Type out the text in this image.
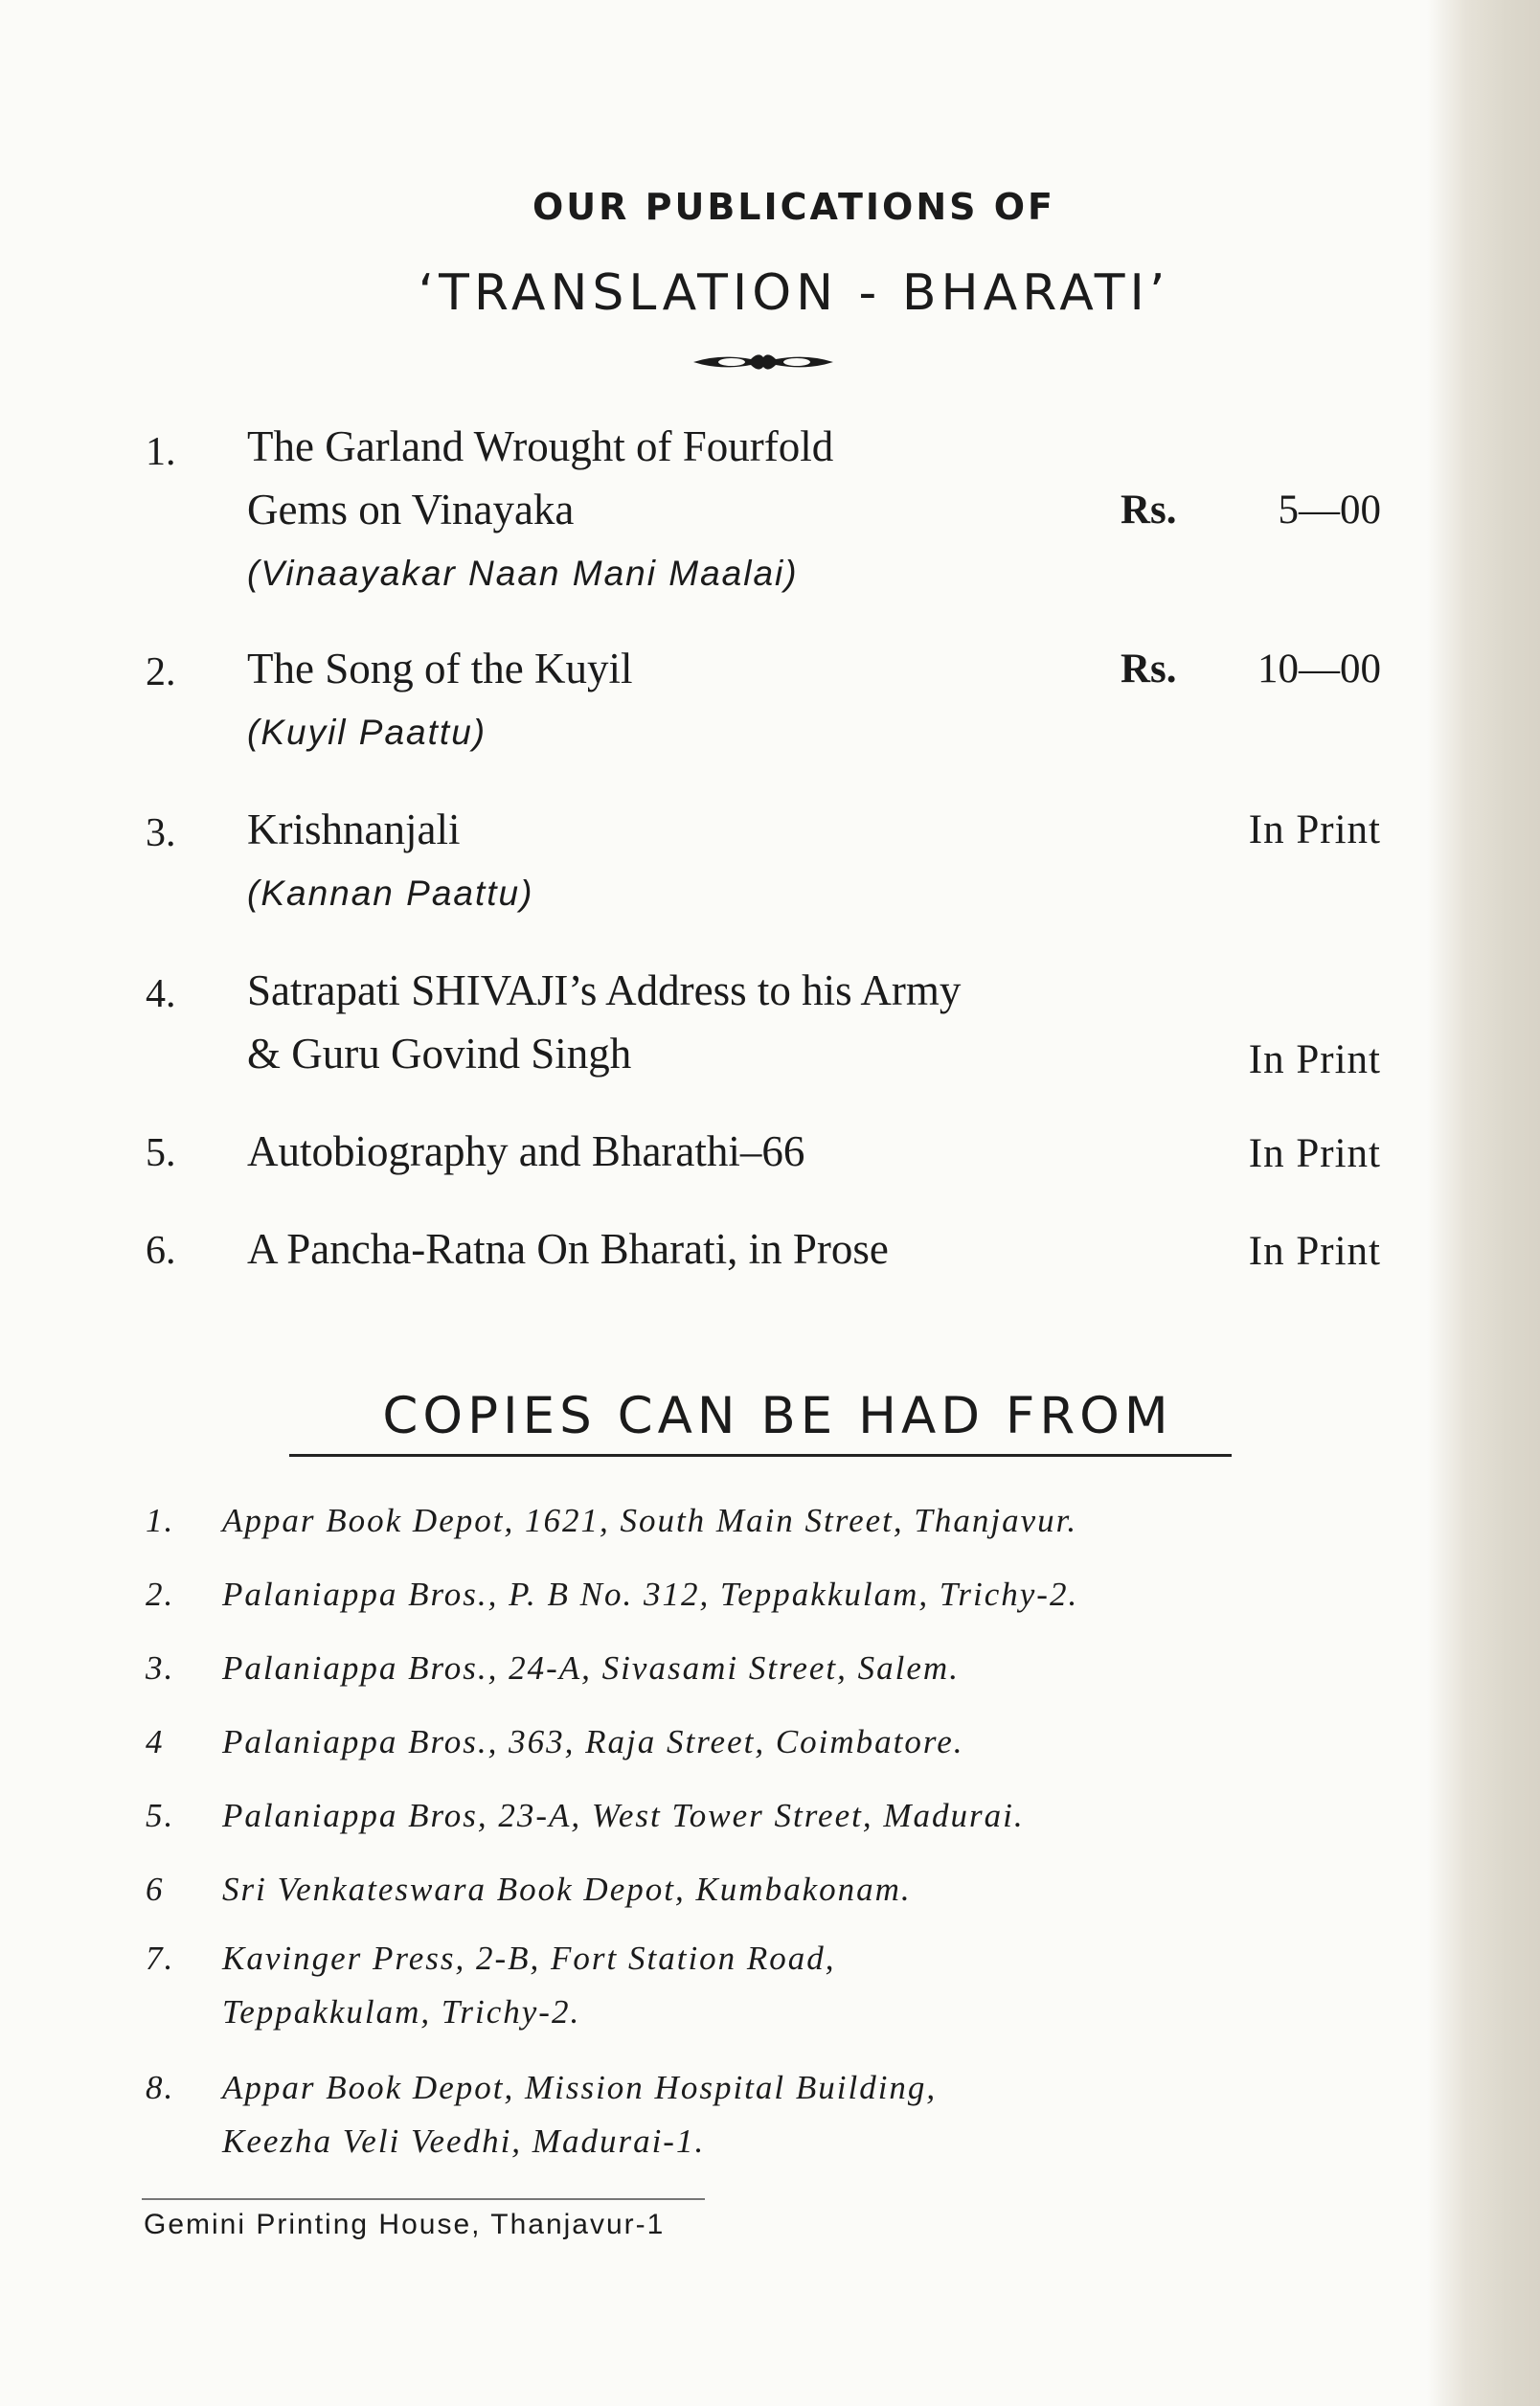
OUR PUBLICATIONS OF
‘TRANSLATION - BHARATI’
1. The Garland Wrought of Fourfold
Gems on Vinayaka
(Vinaayakar Naan Mani Maalai)
Rs. 5—00
2. The Song of the Kuyil
(Kuyil Paattu)
Rs. 10—00
3. Krishnanjali
(Kannan Paattu)
In Print
4. Satrapati SHIVAJI’s Address to his Army
& Guru Govind Singh	In Print
5. Autobiography and Bharathi–66	In Print
6. A Pancha-Ratna On Bharati, in Prose	In Print
COPIES CAN BE HAD FROM
1. Appar Book Depot, 1621, South Main Street, Thanjavur.
2. Palaniappa Bros., P. B No. 312, Teppakkulam, Trichy-2.
3. Palaniappa Bros., 24-A, Sivasami Street, Salem.
4 Palaniappa Bros., 363, Raja Street, Coimbatore.
5. Palaniappa Bros, 23-A, West Tower Street, Madurai.
6 Sri Venkateswara Book Depot, Kumbakonam.
7. Kavinger Press, 2-B, Fort Station Road,
Teppakkulam, Trichy-2.
8. Appar Book Depot, Mission Hospital Building,
Keezha Veli Veedhi, Madurai-1.
Gemini Printing House, Thanjavur-1
